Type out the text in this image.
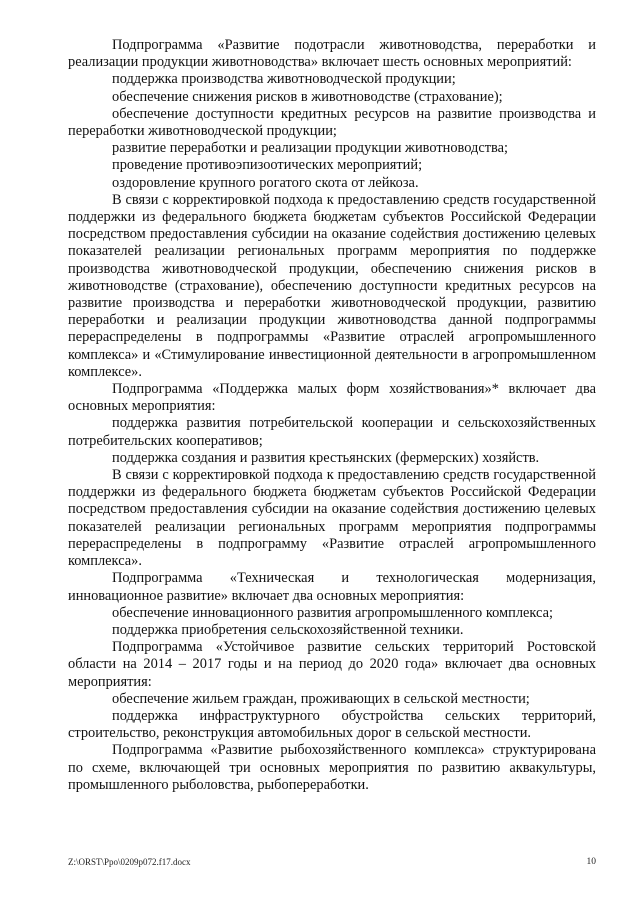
Подпрограмма «Развитие подотрасли животноводства, переработки и реализации продукции животноводства» включает шесть основных мероприятий:

поддержка производства животноводческой продукции;

обеспечение снижения рисков в животноводстве (страхование);

обеспечение доступности кредитных ресурсов на развитие производства и переработки животноводческой продукции;

развитие переработки и реализации продукции животноводства;

проведение противоэпизоотических мероприятий;

оздоровление крупного рогатого скота от лейкоза.

В связи с корректировкой подхода к предоставлению средств государственной поддержки из федерального бюджета бюджетам субъектов Российской Федерации посредством предоставления субсидии на оказание содействия достижению целевых показателей реализации региональных программ мероприятия по поддержке производства животноводческой продукции, обеспечению снижения рисков в животноводстве (страхование), обеспечению доступности кредитных ресурсов на развитие производства и переработки животноводческой продукции, развитию переработки и реализации продукции животноводства данной подпрограммы перераспределены в подпрограммы «Развитие отраслей агропромышленного комплекса» и «Стимулирование инвестиционной деятельности в агропромышленном комплексе».

Подпрограмма «Поддержка малых форм хозяйствования»* включает два основных мероприятия:

поддержка развития потребительской кооперации и сельскохозяйственных потребительских кооперативов;

поддержка создания и развития крестьянских (фермерских) хозяйств.

В связи с корректировкой подхода к предоставлению средств государственной поддержки из федерального бюджета бюджетам субъектов Российской Федерации посредством предоставления субсидии на оказание содействия достижению целевых показателей реализации региональных программ мероприятия подпрограммы перераспределены в подпрограмму «Развитие отраслей агропромышленного комплекса».

Подпрограмма «Техническая и технологическая модернизация, инновационное развитие» включает два основных мероприятия:

обеспечение инновационного развития агропромышленного комплекса;

поддержка приобретения сельскохозяйственной техники.

Подпрограмма «Устойчивое развитие сельских территорий Ростовской области на 2014 – 2017 годы и на период до 2020 года» включает два основных мероприятия:

обеспечение жильем граждан, проживающих в сельской местности;

поддержка инфраструктурного обустройства сельских территорий, строительство, реконструкция автомобильных дорог в сельской местности.

Подпрограмма «Развитие рыбохозяйственного комплекса» структурирована по схеме, включающей три основных мероприятия по развитию аквакультуры, промышленного рыболовства, рыбопереработки.

Z:\ORST\Ppo\0209p072.f17.docx	10
